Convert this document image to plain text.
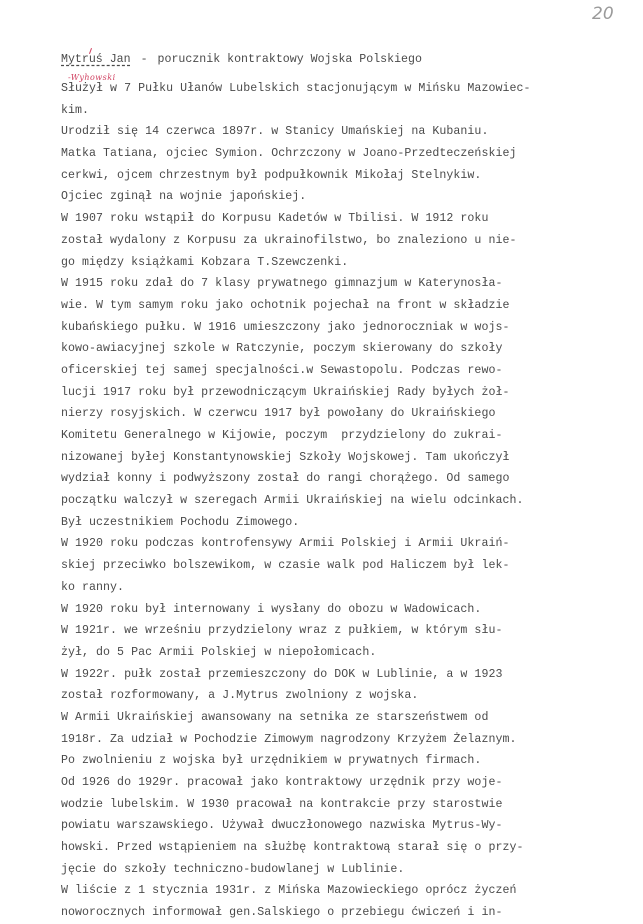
20
Mytruś Jan - porucznik kontraktowy Wojska Polskiego
-Wyhowski
Służył w 7 Pułku Ułanów Lubelskich stacjonującym w Mińsku Mazowiec-
kim.
Urodził się 14 czerwca 1897r. w Stanicy Umańskiej na Kubaniu.
Matka Tatiana, ojciec Symion. Ochrzczony w Joano-Przedteczeńskiej
cerkwi, ojcem chrzestnym był podpułkownik Mikołaj Stelnykiw.
Ojciec zginął na wojnie japońskiej.
W 1907 roku wstąpił do Korpusu Kadetów w Tbilisi. W 1912 roku
został wydalony z Korpusu za ukrainofilstwo, bo znaleziono u nie-
go między książkami Kobzara T.Szewczenki.
W 1915 roku zdał do 7 klasy prywatnego gimnazjum w Katerynosła-
wie. W tym samym roku jako ochotnik pojechał na front w składzie
kubańskiego pułku. W 1916 umieszczony jako jednoroczniak w wojs-
kowo-awiacyjnej szkole w Ratczynie, poczym skierowany do szkoły
oficerskiej tej samej specjalności.w Sewastopolu. Podczas rewo-
lucji 1917 roku był przewodniczącym Ukraińskiej Rady byłych żoł-
nierzy rosyjskich. W czerwcu 1917 był powołany do Ukraińskiego
Komitetu Generalnego w Kijowie, poczym  przydzielony do zukrai-
nizowanej byłej Konstantynowskiej Szkoły Wojskowej. Tam ukończył
wydział konny i podwyższony został do rangi chorążego. Od samego
początku walczył w szeregach Armii Ukraińskiej na wielu odcinkach.
Był uczestnikiem Pochodu Zimowego.
W 1920 roku podczas kontrofensywy Armii Polskiej i Armii Ukraiń-
skiej przeciwko bolszewikom, w czasie walk pod Haliczem był lek-
ko ranny.
W 1920 roku był internowany i wysłany do obozu w Wadowicach.
W 1921r. we wrześniu przydzielony wraz z pułkiem, w którym słu-
żył, do 5 Pac Armii Polskiej w niepołomicach.
W 1922r. pułk został przemieszczony do DOK w Lublinie, a w 1923
został rozformowany, a J.Mytrus zwolniony z wojska.
W Armii Ukraińskiej awansowany na setnika ze starszeństwem od
1918r. Za udział w Pochodzie Zimowym nagrodzony Krzyżem Żelaznym.
Po zwolnieniu z wojska był urzędnikiem w prywatnych firmach.
Od 1926 do 1929r. pracował jako kontraktowy urzędnik przy woje-
wodzie lubelskim. W 1930 pracował na kontrakcie przy starostwie
powiatu warszawskiego. Używał dwuczłonowego nazwiska Mytrus-Wy-
howski. Przed wstąpieniem na służbę kontraktową starał się o przy-
jęcie do szkoły techniczno-budowlanej w Lublinie.
W liście z 1 stycznia 1931r. z Mińska Mazowieckiego oprócz życzeń
noworocznych informował gen.Salskiego o przebiegu ćwiczeń i in-
